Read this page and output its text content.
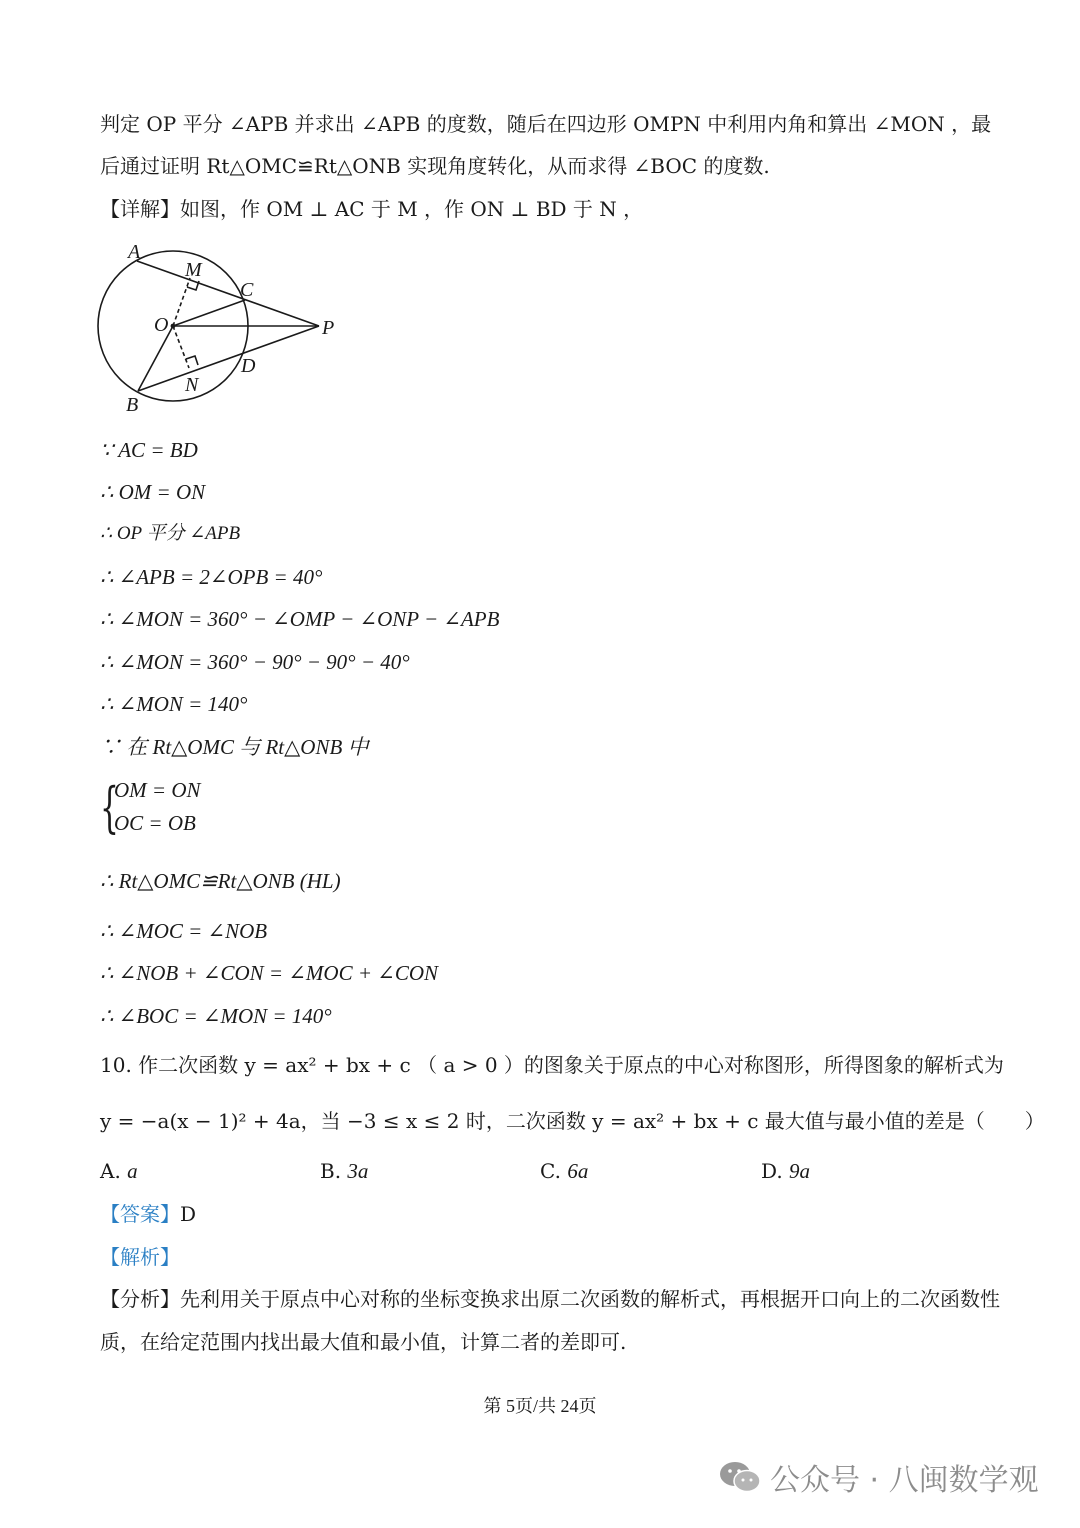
判定 OP 平分 ∠APB 并求出 ∠APB 的度数，随后在四边形 OMPN 中利用内角和算出 ∠MON ，最
后通过证明 Rt△OMC≌Rt△ONB 实现角度转化，从而求得 ∠BOC 的度数.
【详解】如图，作 OM ⊥ AC 于 M ，作 ON ⊥ BD 于 N ，
A
M
C
O	P
D
N
B
∵ AC = BD
∴ OM = ON
∴ OP 平分 ∠APB
∴ ∠APB = 2∠OPB = 40°
∴ ∠MON = 360° − ∠OMP − ∠ONP − ∠APB
∴ ∠MON = 360° − 90° − 90° − 40°
∴ ∠MON = 140°
∵ 在 Rt△OMC 与 Rt△ONB 中
{
OM = ON
OC = OB
∴ Rt△OMC≌Rt△ONB (HL)
∴ ∠MOC = ∠NOB
∴ ∠NOB + ∠CON = ∠MOC + ∠CON
∴ ∠BOC = ∠MON = 140°
10. 作二次函数 y = ax² + bx + c （ a > 0 ）的图象关于原点的中心对称图形，所得图象的解析式为
y = −a(x − 1)² + 4a，当 −3 ≤ x ≤ 2 时，二次函数 y = ax² + bx + c 最大值与最小值的差是（　　）
A. a	B. 3a	C. 6a	D. 9a
【答案】D
【解析】
【分析】先利用关于原点中心对称的坐标变换求出原二次函数的解析式，再根据开口向上的二次函数性
质，在给定范围内找出最大值和最小值，计算二者的差即可.
第 5页/共 24页
公众号 · 八闽数学观
